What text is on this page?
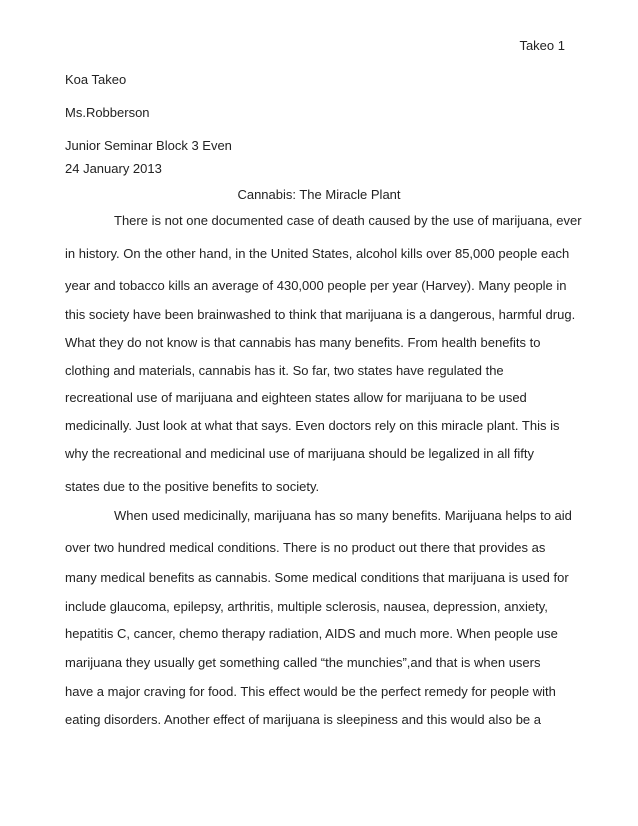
Takeo 1
Koa Takeo
Ms.Robberson
Junior Seminar Block 3 Even
24 January 2013
Cannabis: The Miracle Plant
There is not one documented case of death caused by the use of marijuana, ever
in history. On the other hand, in the United States, alcohol kills over 85,000 people each
year and tobacco kills an average of 430,000 people per year (Harvey). Many people in
this society have been brainwashed to think that marijuana is a dangerous, harmful drug.
What they do not know is that cannabis has many benefits. From health benefits to
clothing and materials, cannabis has it. So far, two states have regulated the
recreational use of marijuana and eighteen states allow for marijuana to be used
medicinally. Just look at what that says. Even doctors rely on this miracle plant. This is
why the recreational and medicinal use of marijuana should be legalized in all fifty
states due to the positive benefits to society.
When used medicinally, marijuana has so many benefits. Marijuana helps to aid
over two hundred medical conditions. There is no product out there that provides as
many medical benefits as cannabis. Some medical conditions that marijuana is used for
include glaucoma, epilepsy, arthritis, multiple sclerosis, nausea, depression, anxiety,
hepatitis C, cancer, chemo therapy radiation, AIDS and much more. When people use
marijuana they usually get something called “the munchies”,and that is when users
have a major craving for food. This effect would be the perfect remedy for people with
eating disorders. Another effect of marijuana is sleepiness and this would also be a
